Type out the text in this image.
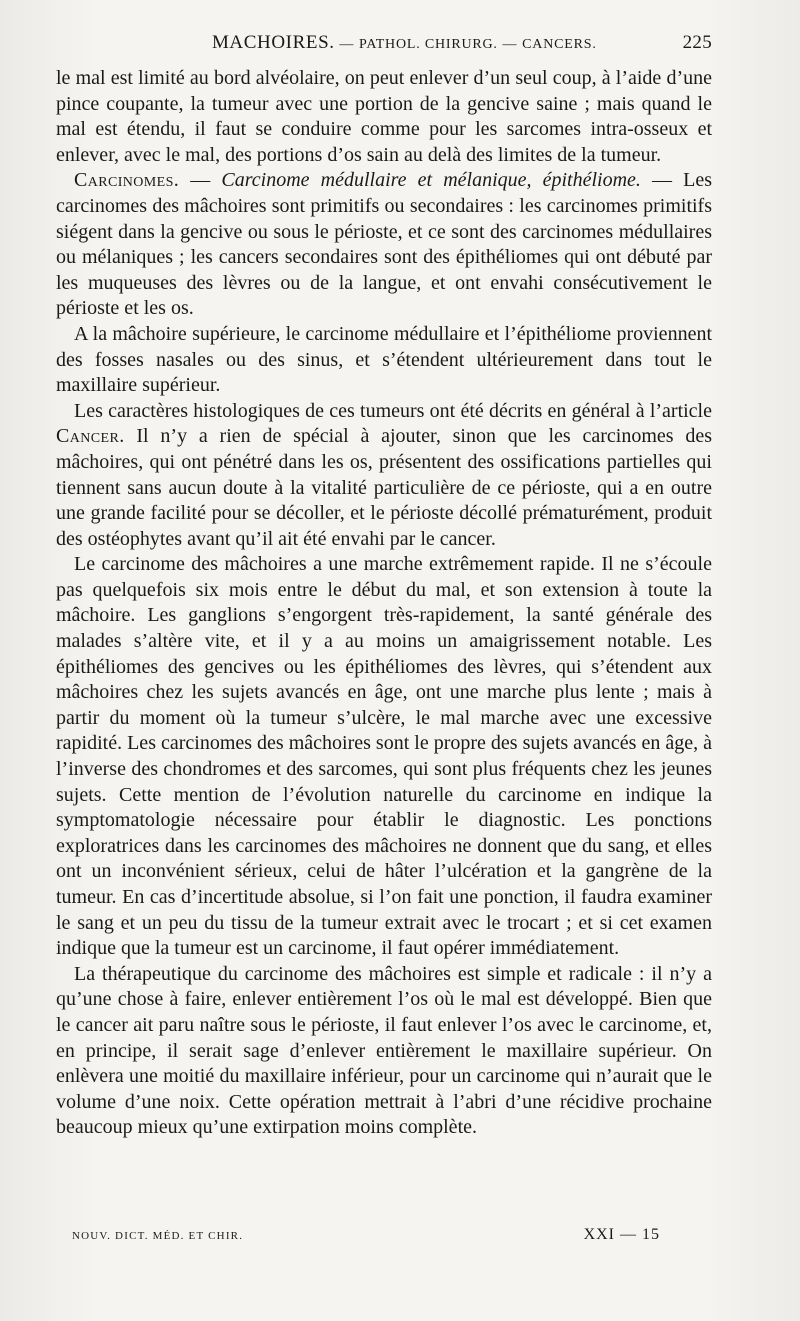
MACHOIRES. — PATHOL. CHIRURG. — CANCERS.	225

le mal est limité au bord alvéolaire, on peut enlever d’un seul coup, à l’aide d’une pince coupante, la tumeur avec une portion de la gencive saine ; mais quand le mal est étendu, il faut se conduire comme pour les sarcomes intra-osseux et enlever, avec le mal, des portions d’os sain au delà des limites de la tumeur.

Carcinomes. — Carcinome médullaire et mélanique, épithéliome. — Les carcinomes des mâchoires sont primitifs ou secondaires : les carcinomes primitifs siégent dans la gencive ou sous le périoste, et ce sont des carcinomes médullaires ou mélaniques ; les cancers secondaires sont des épithéliomes qui ont débuté par les muqueuses des lèvres ou de la langue, et ont envahi consécutivement le périoste et les os.

A la mâchoire supérieure, le carcinome médullaire et l’épithéliome proviennent des fosses nasales ou des sinus, et s’étendent ultérieurement dans tout le maxillaire supérieur.

Les caractères histologiques de ces tumeurs ont été décrits en général à l’article Cancer. Il n’y a rien de spécial à ajouter, sinon que les carcinomes des mâchoires, qui ont pénétré dans les os, présentent des ossifications partielles qui tiennent sans aucun doute à la vitalité particulière de ce périoste, qui a en outre une grande facilité pour se décoller, et le périoste décollé prématurément, produit des ostéophytes avant qu’il ait été envahi par le cancer.

Le carcinome des mâchoires a une marche extrêmement rapide. Il ne s’écoule pas quelquefois six mois entre le début du mal, et son extension à toute la mâchoire. Les ganglions s’engorgent très-rapidement, la santé générale des malades s’altère vite, et il y a au moins un amaigrissement notable. Les épithéliomes des gencives ou les épithéliomes des lèvres, qui s’étendent aux mâchoires chez les sujets avancés en âge, ont une marche plus lente ; mais à partir du moment où la tumeur s’ulcère, le mal marche avec une excessive rapidité. Les carcinomes des mâchoires sont le propre des sujets avancés en âge, à l’inverse des chondromes et des sarcomes, qui sont plus fréquents chez les jeunes sujets. Cette mention de l’évolution naturelle du carcinome en indique la symptomatologie nécessaire pour établir le diagnostic. Les ponctions exploratrices dans les carcinomes des mâchoires ne donnent que du sang, et elles ont un inconvénient sérieux, celui de hâter l’ulcération et la gangrène de la tumeur. En cas d’incertitude absolue, si l’on fait une ponction, il faudra examiner le sang et un peu du tissu de la tumeur extrait avec le trocart ; et si cet examen indique que la tumeur est un carcinome, il faut opérer immédiatement.

La thérapeutique du carcinome des mâchoires est simple et radicale : il n’y a qu’une chose à faire, enlever entièrement l’os où le mal est développé. Bien que le cancer ait paru naître sous le périoste, il faut enlever l’os avec le carcinome, et, en principe, il serait sage d’enlever entièrement le maxillaire supérieur. On enlèvera une moitié du maxillaire inférieur, pour un carcinome qui n’aurait que le volume d’une noix. Cette opération mettrait à l’abri d’une récidive prochaine beaucoup mieux qu’une extirpation moins complète.

NOUV. DICT. MÉD. ET CHIR.	XXI — 15
